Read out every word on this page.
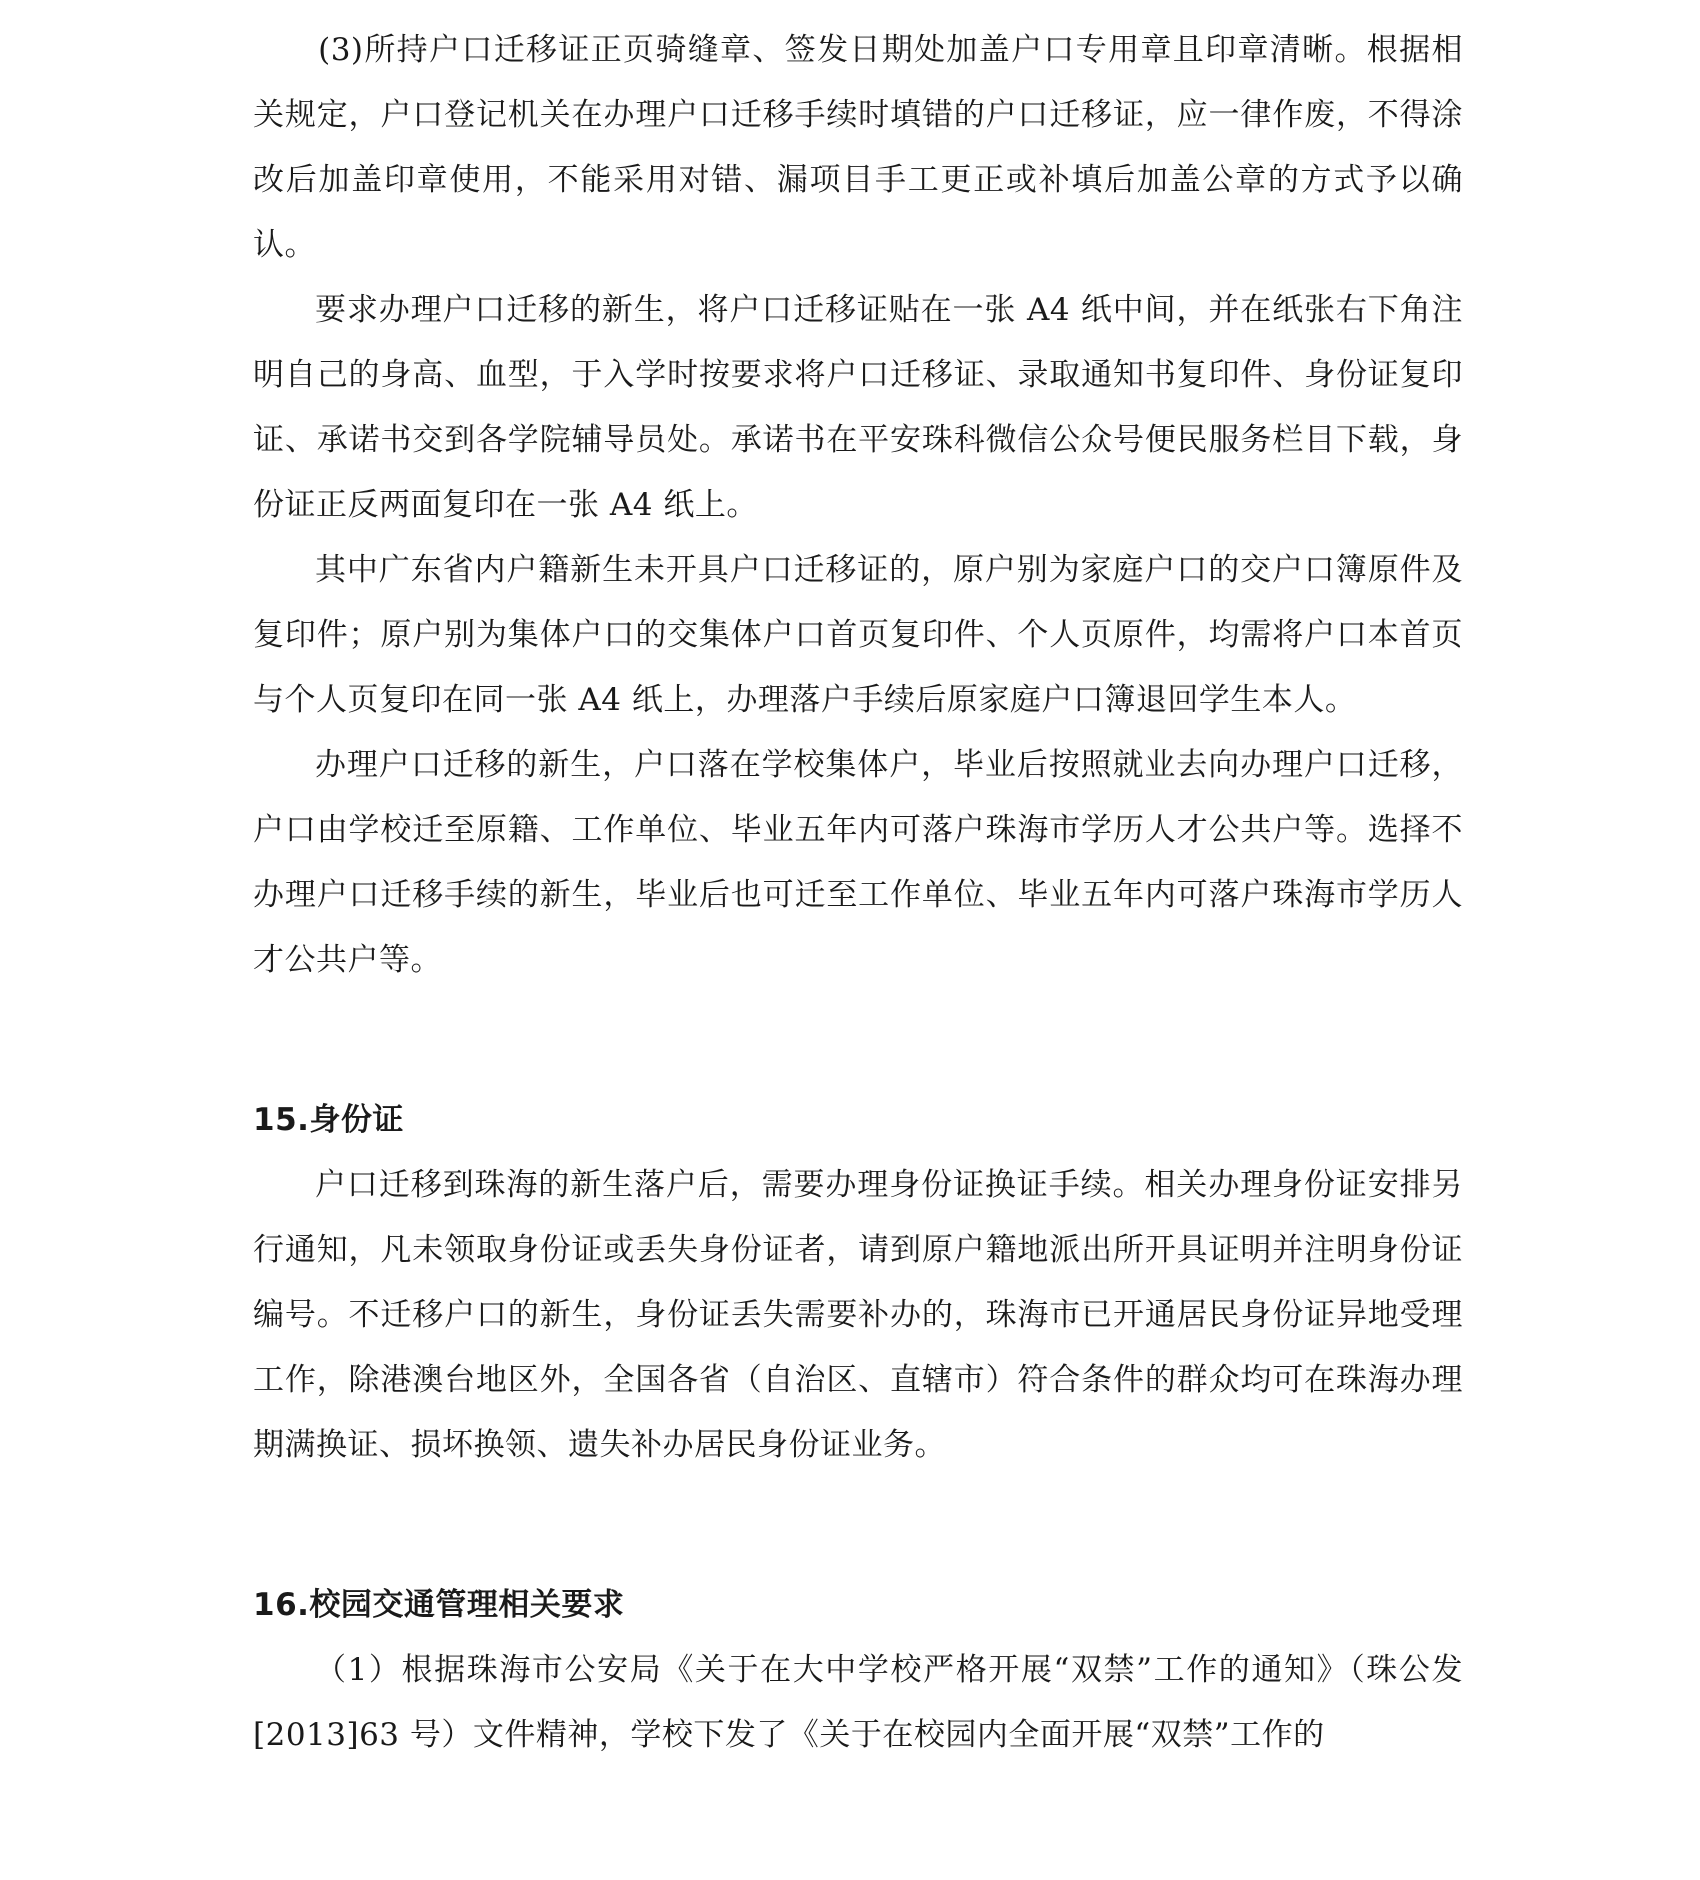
(3)所持户口迁移证正页骑缝章、签发日期处加盖户口专用章且印章清晰。根据相关规定，户口登记机关在办理户口迁移手续时填错的户口迁移证，应一律作废，不得涂改后加盖印章使用，不能采用对错、漏项目手工更正或补填后加盖公章的方式予以确认。

要求办理户口迁移的新生，将户口迁移证贴在一张 A4 纸中间，并在纸张右下角注明自己的身高、血型，于入学时按要求将户口迁移证、录取通知书复印件、身份证复印证、承诺书交到各学院辅导员处。承诺书在平安珠科微信公众号便民服务栏目下载，身份证正反两面复印在一张 A4 纸上。

其中广东省内户籍新生未开具户口迁移证的，原户别为家庭户口的交户口簿原件及复印件；原户别为集体户口的交集体户口首页复印件、个人页原件，均需将户口本首页与个人页复印在同一张 A4 纸上，办理落户手续后原家庭户口簿退回学生本人。

办理户口迁移的新生，户口落在学校集体户，毕业后按照就业去向办理户口迁移，户口由学校迁至原籍、工作单位、毕业五年内可落户珠海市学历人才公共户等。选择不办理户口迁移手续的新生，毕业后也可迁至工作单位、毕业五年内可落户珠海市学历人才公共户等。

15.身份证

户口迁移到珠海的新生落户后，需要办理身份证换证手续。相关办理身份证安排另行通知，凡未领取身份证或丢失身份证者，请到原户籍地派出所开具证明并注明身份证编号。不迁移户口的新生，身份证丢失需要补办的，珠海市已开通居民身份证异地受理工作，除港澳台地区外，全国各省（自治区、直辖市）符合条件的群众均可在珠海办理期满换证、损坏换领、遗失补办居民身份证业务。

16.校园交通管理相关要求

（1）根据珠海市公安局《关于在大中学校严格开展“双禁”工作的通知》（珠公发[2013]63 号）文件精神，学校下发了《关于在校园内全面开展“双禁”工作的
